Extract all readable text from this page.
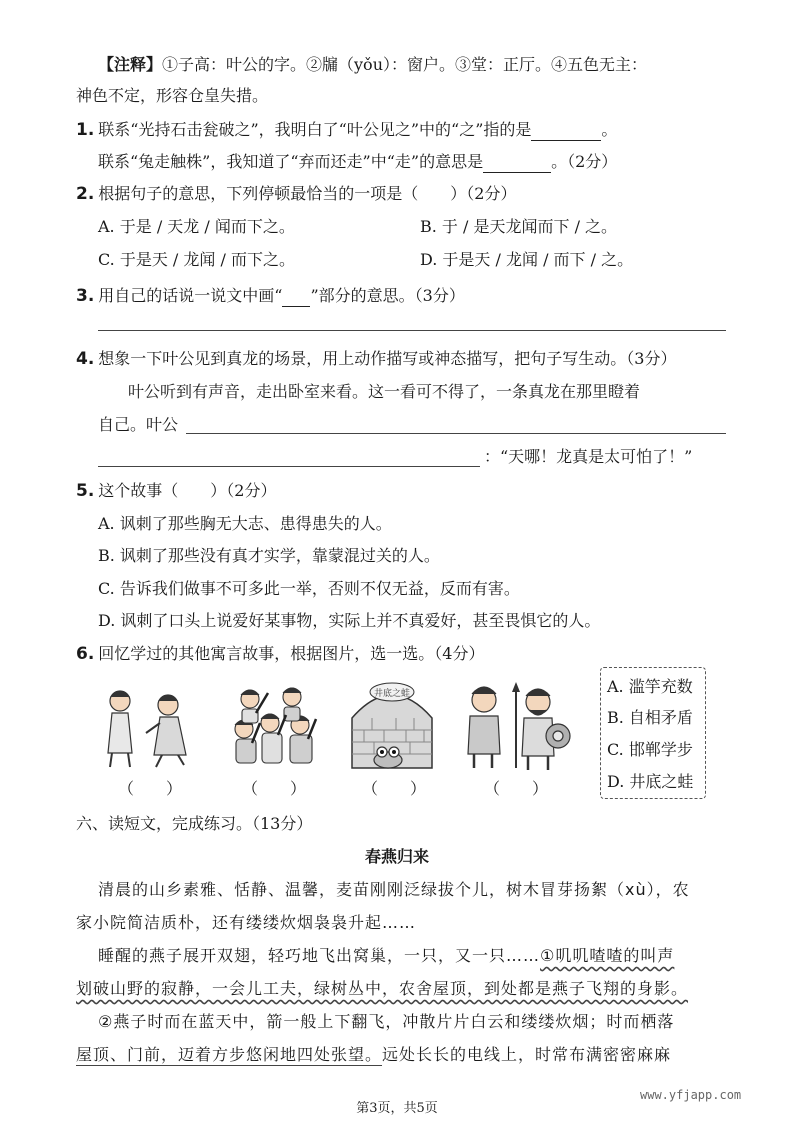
【注释】①子高：叶公的字。②牖（yǒu）：窗户。③堂：正厅。④五色无主：
神色不定，形容仓皇失措。
1. 联系“光持石击瓮破之”，我明白了“叶公见之”中的“之”指的是	。
联系“兔走触株”，我知道了“弃而还走”中“走”的意思是	。（2分）
2. 根据句子的意思，下列停顿最恰当的一项是（　　）（2分）
A. 于是 / 天龙 / 闻而下之。	B. 于 / 是天龙闻而下 / 之。
C. 于是天 / 龙闻 / 而下之。	D. 于是天 / 龙闻 / 而下 / 之。
3. 用自己的话说一说文中画“ ”部分的意思。（3分）
4. 想象一下叶公见到真龙的场景，用上动作描写或神态描写，把句子写生动。（3分）
叶公听到有声音，走出卧室来看。这一看可不得了，一条真龙在那里瞪着
自己。叶公
：“天哪！龙真是太可怕了！”
5. 这个故事（　　）（2分）
A. 讽刺了那些胸无大志、患得患失的人。
B. 讽刺了那些没有真才实学，靠蒙混过关的人。
C. 告诉我们做事不可多此一举，否则不仅无益，反而有害。
D. 讽刺了口头上说爱好某事物，实际上并不真爱好，甚至畏惧它的人。
6. 回忆学过的其他寓言故事，根据图片，选一选。（4分）
井底之蛙
（　　）	（　　）	（　　）	（　　）
A. 滥竽充数
B. 自相矛盾
C. 邯郸学步
D. 井底之蛙
六、读短文，完成练习。（13分）
春燕归来
清晨的山乡素雅、恬静、温馨，麦苗刚刚泛绿拔个儿，树木冒芽扬絮（xù），农
家小院简洁质朴，还有缕缕炊烟袅袅升起……
睡醒的燕子展开双翅，轻巧地飞出窝巢，一只，又一只……①叽叽喳喳的叫声
划破山野的寂静，一会儿工夫，绿树丛中，农舍屋顶，到处都是燕子飞翔的身影。
②燕子时而在蓝天中，箭一般上下翻飞，冲散片片白云和缕缕炊烟；时而栖落
屋顶、门前，迈着方步悠闲地四处张望。远处长长的电线上，时常布满密密麻麻
第3页，共5页
www.yfjapp.com
